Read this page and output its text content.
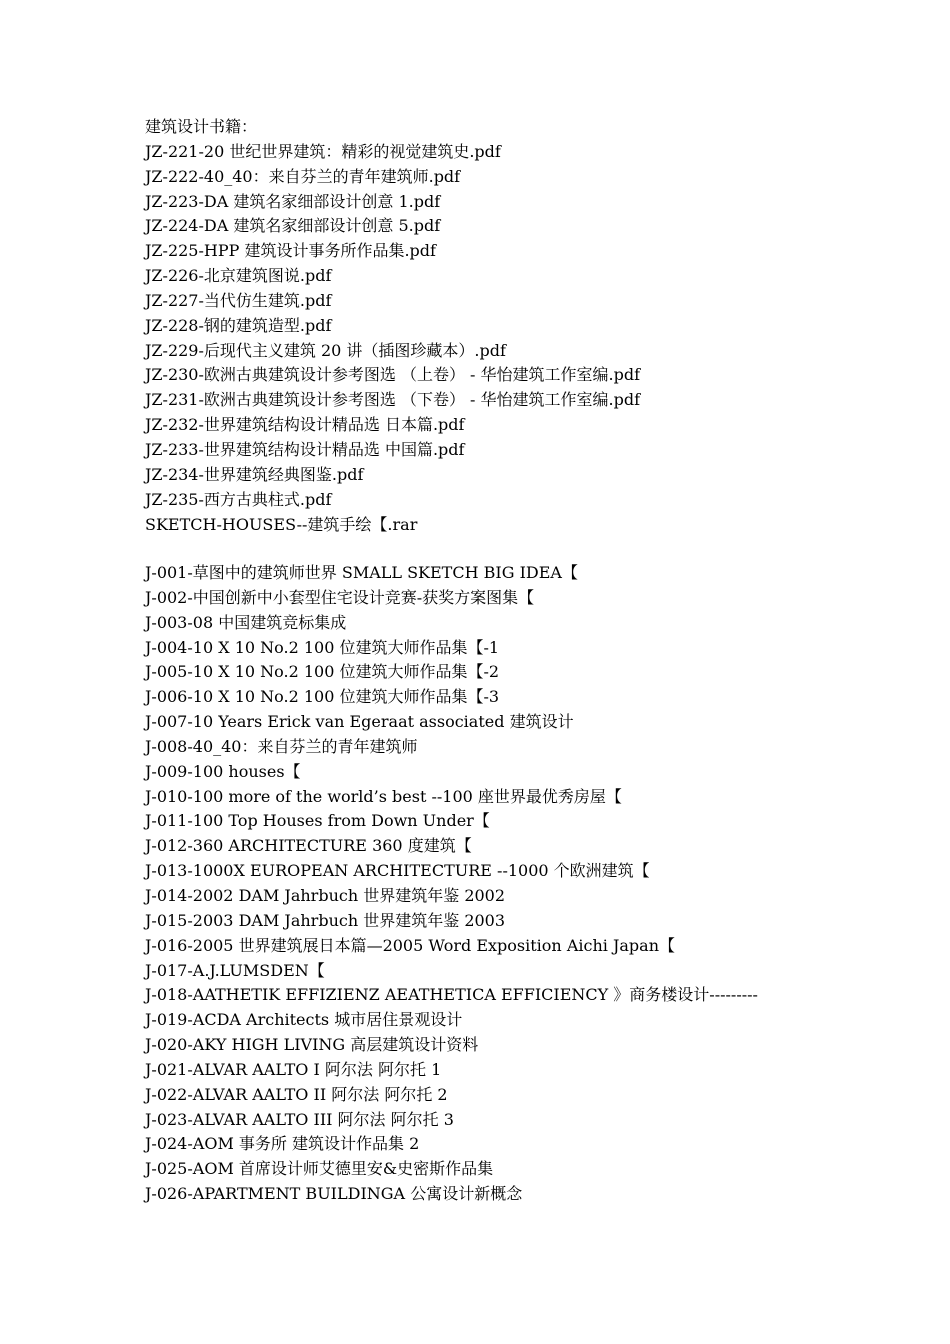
建筑设计书籍：

JZ-221-20 世纪世界建筑：精彩的视觉建筑史.pdf

JZ-222-40_40：来自芬兰的青年建筑师.pdf

JZ-223-DA 建筑名家细部设计创意 1.pdf

JZ-224-DA 建筑名家细部设计创意 5.pdf

JZ-225-HPP 建筑设计事务所作品集.pdf

JZ-226-北京建筑图说.pdf

JZ-227-当代仿生建筑.pdf

JZ-228-钢的建筑造型.pdf

JZ-229-后现代主义建筑 20 讲（插图珍藏本）.pdf

JZ-230-欧洲古典建筑设计参考图选 （上卷） - 华怡建筑工作室编.pdf

JZ-231-欧洲古典建筑设计参考图选 （下卷） - 华怡建筑工作室编.pdf

JZ-232-世界建筑结构设计精品选 日本篇.pdf

JZ-233-世界建筑结构设计精品选 中国篇.pdf

JZ-234-世界建筑经典图鉴.pdf

JZ-235-西方古典柱式.pdf

SKETCH-HOUSES--建筑手绘【.rar

J-001-草图中的建筑师世界 SMALL SKETCH BIG IDEA【

J-002-中国创新中小套型住宅设计竞赛-获奖方案图集【

J-003-08 中国建筑竞标集成

J-004-10 X 10 No.2 100 位建筑大师作品集【-1

J-005-10 X 10 No.2 100 位建筑大师作品集【-2

J-006-10 X 10 No.2 100 位建筑大师作品集【-3

J-007-10 Years Erick van Egeraat associated 建筑设计

J-008-40_40：来自芬兰的青年建筑师

J-009-100 houses【

J-010-100 more of the world’s best --100 座世界最优秀房屋【

J-011-100 Top Houses from Down Under【

J-012-360 ARCHITECTURE 360 度建筑【

J-013-1000X EUROPEAN ARCHITECTURE --1000 个欧洲建筑【

J-014-2002 DAM Jahrbuch 世界建筑年鉴 2002

J-015-2003 DAM Jahrbuch 世界建筑年鉴 2003

J-016-2005 世界建筑展日本篇—2005 Word Exposition Aichi Japan【

J-017-A.J.LUMSDEN【

J-018-AATHETIK EFFIZIENZ AEATHETICA EFFICIENCY 》商务楼设计---------

J-019-ACDA Architects 城市居住景观设计

J-020-AKY HIGH LIVING 高层建筑设计资料

J-021-ALVAR AALTO I 阿尔法 阿尔托 1

J-022-ALVAR AALTO II 阿尔法 阿尔托 2

J-023-ALVAR AALTO III 阿尔法 阿尔托 3

J-024-AOM 事务所 建筑设计作品集 2

J-025-AOM 首席设计师艾德里安&史密斯作品集

J-026-APARTMENT BUILDINGA 公寓设计新概念
